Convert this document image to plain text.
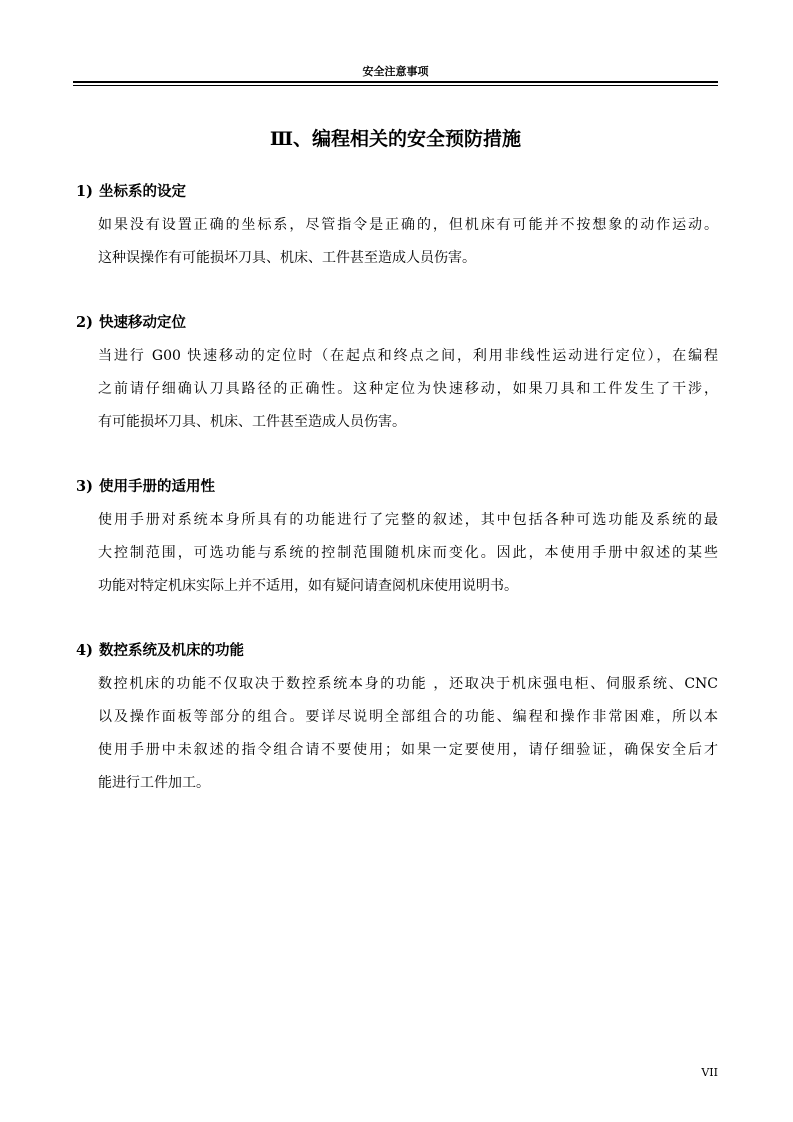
安全注意事项
Ⅲ、编程相关的安全预防措施
1) 坐标系的设定
如果没有设置正确的坐标系，尽管指令是正确的，但机床有可能并不按想象的动作运动。
这种误操作有可能损坏刀具、机床、工件甚至造成人员伤害。
2) 快速移动定位
当进行 G00 快速移动的定位时（在起点和终点之间，利用非线性运动进行定位），在编程
之前请仔细确认刀具路径的正确性。这种定位为快速移动，如果刀具和工件发生了干涉，
有可能损坏刀具、机床、工件甚至造成人员伤害。
3) 使用手册的适用性
使用手册对系统本身所具有的功能进行了完整的叙述，其中包括各种可选功能及系统的最
大控制范围，可选功能与系统的控制范围随机床而变化。因此，本使用手册中叙述的某些
功能对特定机床实际上并不适用，如有疑问请查阅机床使用说明书。
4) 数控系统及机床的功能
数控机床的功能不仅取决于数控系统本身的功能 ，还取决于机床强电柜、伺服系统、CNC
以及操作面板等部分的组合。要详尽说明全部组合的功能、编程和操作非常困难，所以本
使用手册中未叙述的指令组合请不要使用；如果一定要使用，请仔细验证，确保安全后才
能进行工件加工。
VII
